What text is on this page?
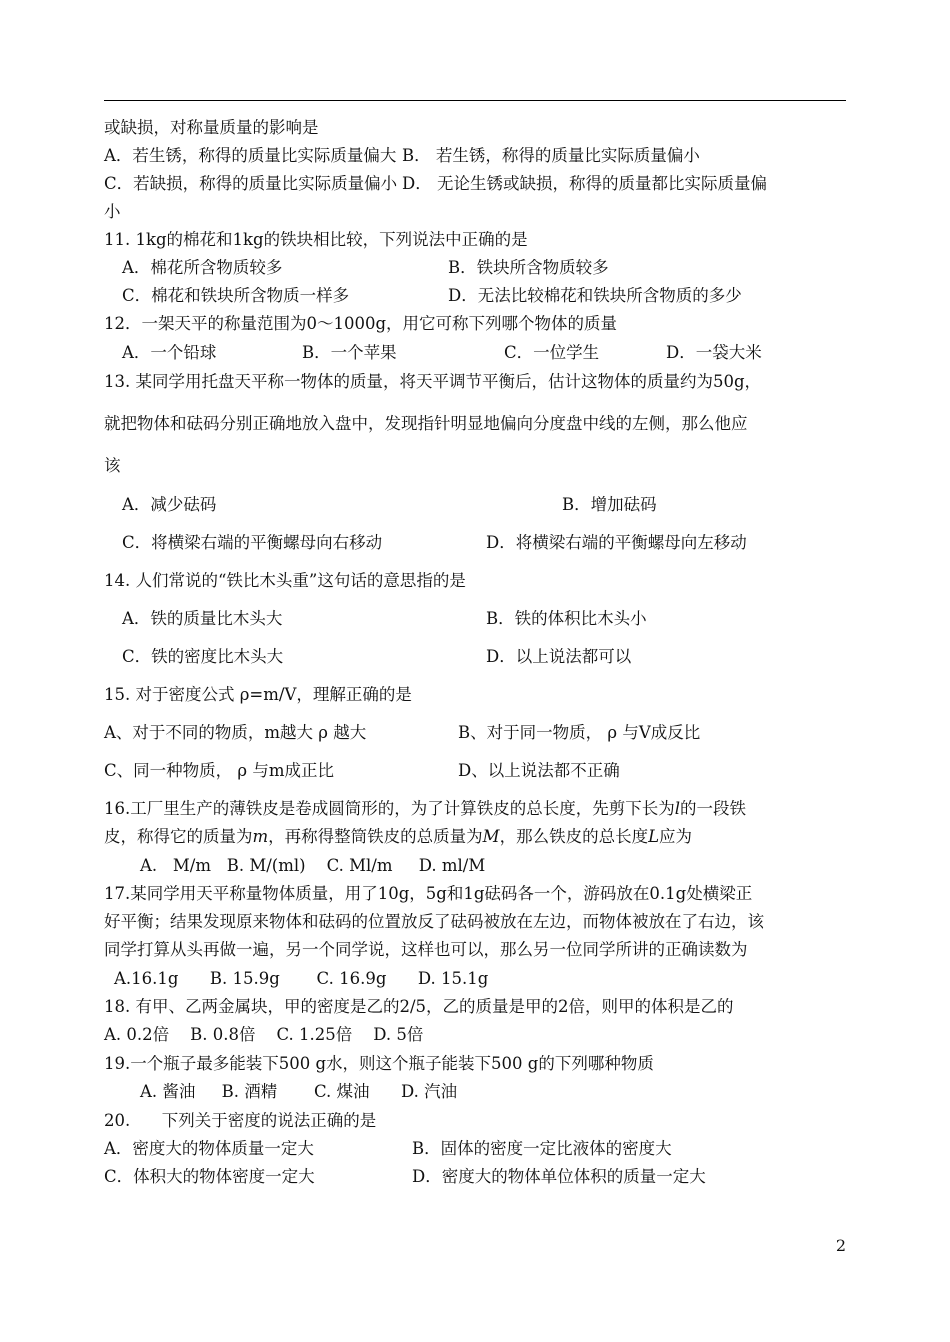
或缺损，对称量质量的影响是
A．若生锈，称得的质量比实际质量偏大 B． 若生锈，称得的质量比实际质量偏小
C．若缺损，称得的质量比实际质量偏小 D． 无论生锈或缺损，称得的质量都比实际质量偏
小
11. 1kg的棉花和1kg的铁块相比较，下列说法中正确的是
A．棉花所含物质较多	B．铁块所含物质较多
C．棉花和铁块所含物质一样多	D．无法比较棉花和铁块所含物质的多少
12．一架天平的称量范围为0～1000g，用它可称下列哪个物体的质量
A．一个铅球	B．一个苹果	C．一位学生	D．一袋大米
13. 某同学用托盘天平称一物体的质量，将天平调节平衡后，估计这物体的质量约为50g，
就把物体和砝码分别正确地放入盘中，发现指针明显地偏向分度盘中线的左侧，那么他应
该
A．减少砝码	B．增加砝码
C．将横梁右端的平衡螺母向右移动	D．将横梁右端的平衡螺母向左移动
14. 人们常说的“铁比木头重”这句话的意思指的是
A．铁的质量比木头大	B．铁的体积比木头小
C．铁的密度比木头大	D．以上说法都可以
15. 对于密度公式 ρ=m/V，理解正确的是
A、对于不同的物质，m越大 ρ 越大	B、对于同一物质， ρ 与V成反比
C、同一种物质， ρ 与m成正比	D、以上说法都不正确
16.工厂里生产的薄铁皮是卷成圆筒形的，为了计算铁皮的总长度，先剪下长为l的一段铁
皮，称得它的质量为m，再称得整筒铁皮的总质量为M，那么铁皮的总长度L应为
A.   M/m   B. M/(ml)    C. Ml/m     D. ml/M
17.某同学用天平称量物体质量，用了10g，5g和1g砝码各一个，游码放在0.1g处横梁正
好平衡；结果发现原来物体和砝码的位置放反了砝码被放在左边，而物体被放在了右边，该
同学打算从头再做一遍，另一个同学说，这样也可以，那么另一位同学所讲的正确读数为
A.16.1g      B. 15.9g       C. 16.9g      D. 15.1g
18. 有甲、乙两金属块，甲的密度是乙的2/5，乙的质量是甲的2倍，则甲的体积是乙的
A. 0.2倍    B. 0.8倍    C. 1.25倍    D. 5倍
19.一个瓶子最多能装下500 g水，则这个瓶子能装下500 g的下列哪种物质
A. 酱油     B. 酒精       C. 煤油      D. 汽油
20.      下列关于密度的说法正确的是
A．密度大的物体质量一定大	B．固体的密度一定比液体的密度大
C．体积大的物体密度一定大	D．密度大的物体单位体积的质量一定大
2
